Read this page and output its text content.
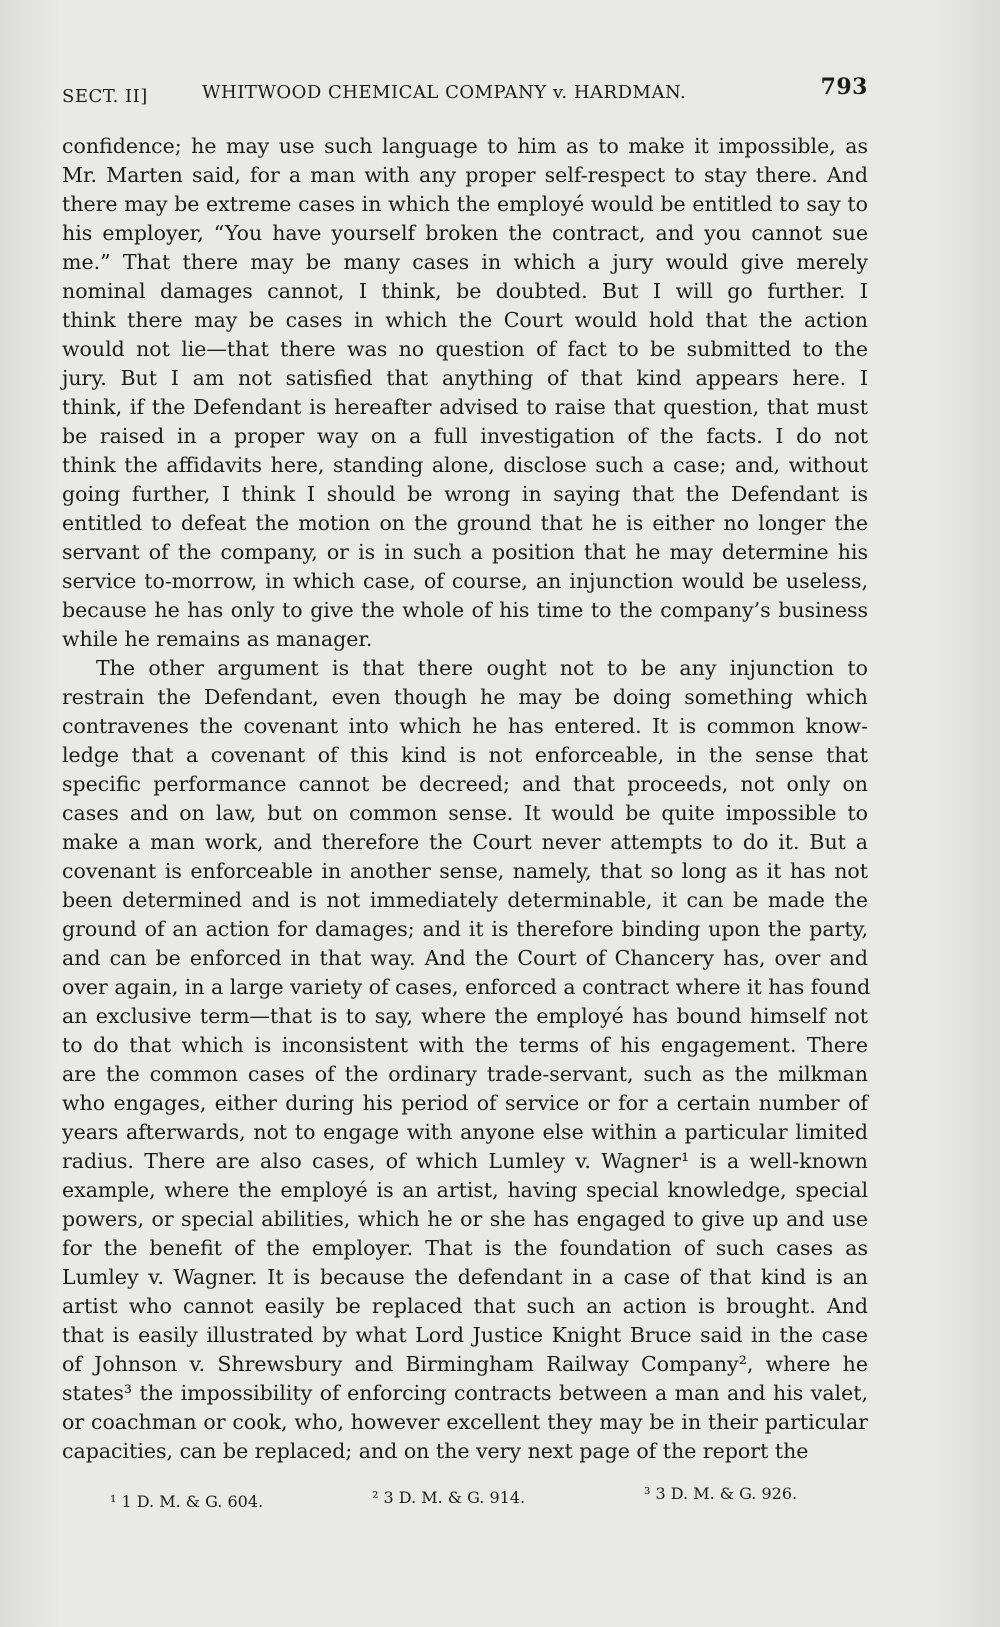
SECT. II]	WHITWOOD CHEMICAL COMPANY v. HARDMAN.	793
confidence; he may use such language to him as to make it impossible, as
Mr. Marten said, for a man with any proper self-respect to stay there. And
there may be extreme cases in which the employé would be entitled to say to
his employer, “You have yourself broken the contract, and you cannot sue
me.” That there may be many cases in which a jury would give merely
nominal damages cannot, I think, be doubted. But I will go further. I
think there may be cases in which the Court would hold that the action
would not lie—that there was no question of fact to be submitted to the
jury. But I am not satisfied that anything of that kind appears here. I
think, if the Defendant is hereafter advised to raise that question, that must
be raised in a proper way on a full investigation of the facts. I do not
think the affidavits here, standing alone, disclose such a case; and, without
going further, I think I should be wrong in saying that the Defendant is
entitled to defeat the motion on the ground that he is either no longer the
servant of the company, or is in such a position that he may determine his
service to-morrow, in which case, of course, an injunction would be useless,
because he has only to give the whole of his time to the company’s business
while he remains as manager.
The other argument is that there ought not to be any injunction to
restrain the Defendant, even though he may be doing something which
contravenes the covenant into which he has entered. It is common know-
ledge that a covenant of this kind is not enforceable, in the sense that
specific performance cannot be decreed; and that proceeds, not only on
cases and on law, but on common sense. It would be quite impossible to
make a man work, and therefore the Court never attempts to do it. But a
covenant is enforceable in another sense, namely, that so long as it has not
been determined and is not immediately determinable, it can be made the
ground of an action for damages; and it is therefore binding upon the party,
and can be enforced in that way. And the Court of Chancery has, over and
over again, in a large variety of cases, enforced a contract where it has found
an exclusive term—that is to say, where the employé has bound himself not
to do that which is inconsistent with the terms of his engagement. There
are the common cases of the ordinary trade-servant, such as the milkman
who engages, either during his period of service or for a certain number of
years afterwards, not to engage with anyone else within a particular limited
radius. There are also cases, of which Lumley v. Wagner¹ is a well-known
example, where the employé is an artist, having special knowledge, special
powers, or special abilities, which he or she has engaged to give up and use
for the benefit of the employer. That is the foundation of such cases as
Lumley v. Wagner. It is because the defendant in a case of that kind is an
artist who cannot easily be replaced that such an action is brought. And
that is easily illustrated by what Lord Justice Knight Bruce said in the case
of Johnson v. Shrewsbury and Birmingham Railway Company², where he
states³ the impossibility of enforcing contracts between a man and his valet,
or coachman or cook, who, however excellent they may be in their particular
capacities, can be replaced; and on the very next page of the report the
¹ 1 D. M. & G. 604.	² 3 D. M. & G. 914.	³ 3 D. M. & G. 926.
